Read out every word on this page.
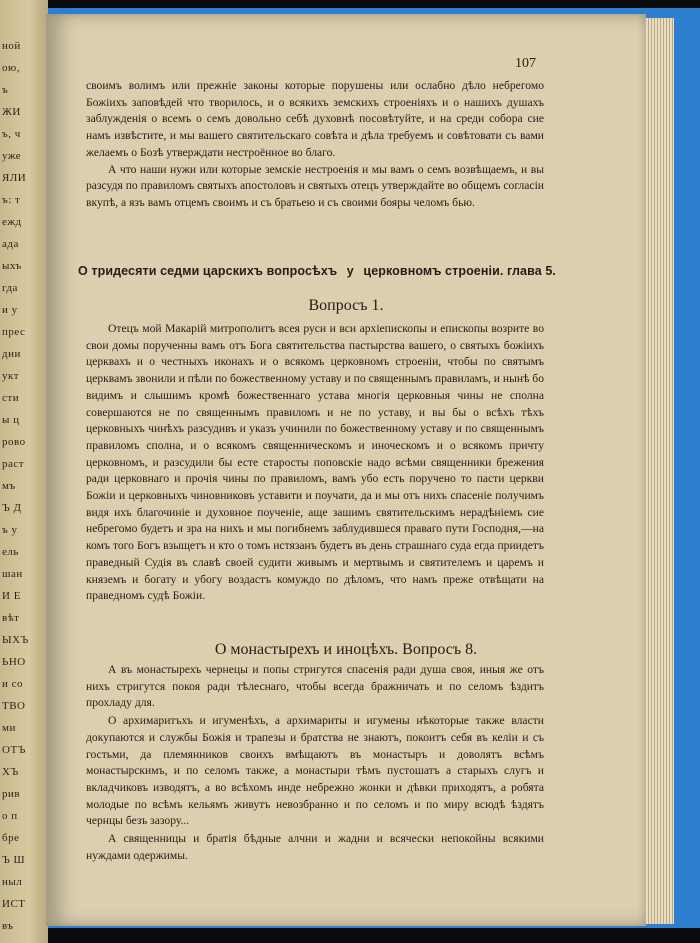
ной
ою,
ъ
ЖИ
ъ, ч
уже
ЯЛИ
ъ: т
ежд
ада
ыхъ
гда
и у
прес
дни
укт
сти
ы ц
рово
раст
мъ
Ъ Д
ъ у
ель
шан
И Е
вѣт
ЫХЪ
ЬНО
и со
ТВО
ми
ОТЪ
ХЪ
рив
о п
бре
Ъ Ш
ныл
ИСТ
въ
107

своимъ волимъ или прежніе законы которые порушены или ослабно дѣло небрегомо Божіихъ заповѣдей что творилось, и о всякихъ земскихъ строеніяхъ и о нашихъ душахъ заблужденія о всемъ о семъ довольно себѣ духовнѣ посовѣтуйте, и на среди собора сие намъ извѣстите, и мы вашего святительскаго совѣта и дѣла требуемъ и совѣтовати съ вами желаемъ о Бозѣ утверждати нестроённое во благо.

А что наши нужи или которые земскіе нестроенія и мы вамъ о семъ возвѣщаемъ, и вы разсудя по правиломъ святыхъ апостоловъ и святыхъ отецъ утверждайте во общемъ согласіи вкупѣ, а язъ вамъ отцемъ своимъ и съ братьею и съ своими бояры челомъ бью.

О тридесяти седми царскихъ вопросѣхъ у церковномъ строеніи. глава 5.
Вопросъ 1.

Отецъ мой Макарій митрополитъ всея руси и вси архіепископы и епископы возрите во свои домы порученны вамъ отъ Бога святительства пастырства вашего, о святыхъ божіихъ церквахъ и о честныхъ иконахъ и о всякомъ церковномъ строеніи, чтобы по святымъ церквамъ звонили и пѣли по божественному уставу и по священнымъ правиламъ, и нынѣ бо видимъ и слышимъ кромѣ божественнаго устава многія церковныя чины не сполна совершаются не по священнымъ правиломъ и не по уставу, и вы бы о всѣхъ тѣхъ церковныхъ чинѣхъ разсудивъ и указъ учинили по божественному уставу и по священнымъ правиломъ сполна, и о всякомъ священническомъ и иноческомъ и о всякомъ причту церковномъ, и разсудили бы есте старосты поповскіе надо всѣми священники брежения ради церковнаго и прочія чины по правиломъ, вамъ убо есть поручено то пасти церкви Божіи и церковныхъ чиновниковъ уставити и поучати, да и мы отъ нихъ спасеніе получимъ видя ихъ благочиніе и духовное поученіе, аще зашимъ святительскимъ нерадѣніемъ сие небрегомо будетъ и зра на нихъ и мы погибнемъ заблудившеся праваго пути Господня,—на комъ того Богъ взыщетъ и кто о томъ истязанъ будетъ въ день страшнаго суда егда приидетъ праведный Судія въ славѣ своей судити живымъ и мертвымъ и святителемъ и царемъ и княземъ и богату и убогу воздастъ комуждо по дѣломъ, что намъ преже отвѣщати на праведномъ судѣ Божіи.

О монастырехъ и иноцѣхъ. Вопросъ 8.

А въ монастырехъ чернецы и попы стригутся спасенія ради душа своя, иныя же отъ нихъ стригутся покоя ради тѣлеснаго, чтобы всегда бражничать и по селомъ ѣздитъ прохладу для.

О архимаритъхъ и игуменѣхъ, а архимариты и игумены нѣкоторые также власти докупаются и службы Божія и трапезы и братства не знаютъ, покоитъ себя въ келіи и съ гостьми, да племянников своихъ вмѣщаютъ въ монастыръ и доволятъ всѣмъ монастырскимъ, и по селомъ также, а монастыри тѣмъ пустошатъ а старыхъ слугъ и вкладчиковъ изводятъ, а во всѣхомъ инде небрежно жонки и дѣвки приходятъ, а робята молодые по всѣмъ кельямъ живутъ невозбранно и по селомъ и по миру всюдѣ ѣздятъ чернцы безъ зазору...

А священницы и братія бѣдные алчни и жадни и всячески непокойны всякими нуждами одержимы.
